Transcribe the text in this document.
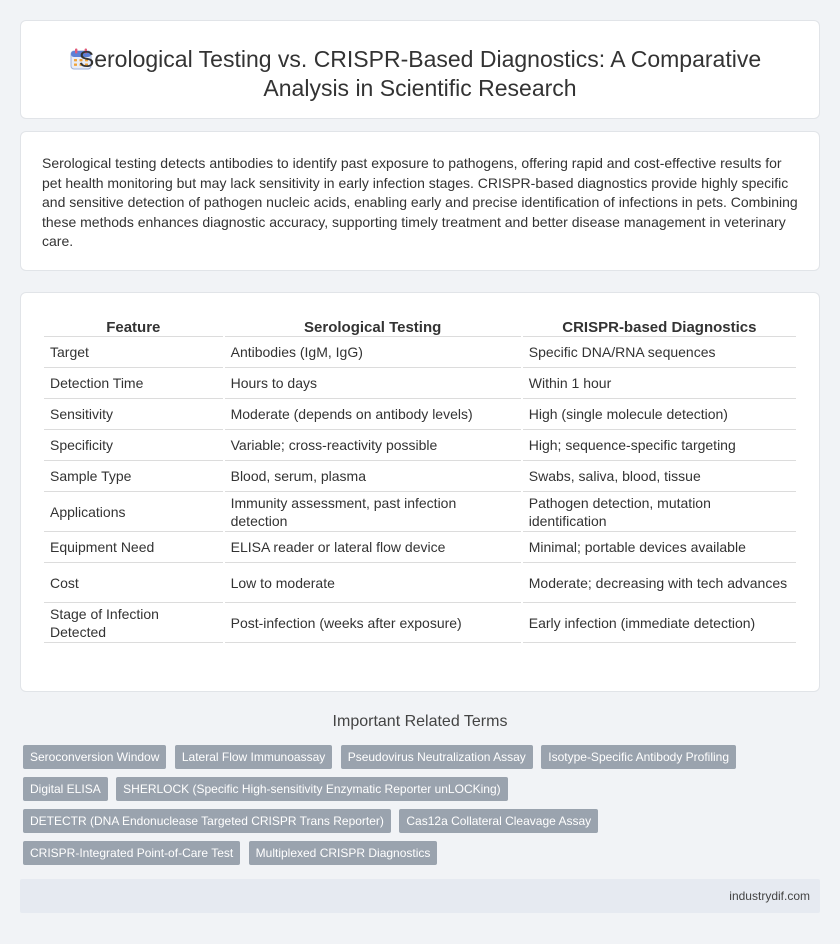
Serological Testing vs. CRISPR-Based Diagnostics: A Comparative Analysis in Scientific Research

Serological testing detects antibodies to identify past exposure to pathogens, offering rapid and cost-effective results for pet health monitoring but may lack sensitivity in early infection stages. CRISPR-based diagnostics provide highly specific and sensitive detection of pathogen nucleic acids, enabling early and precise identification of infections in pets. Combining these methods enhances diagnostic accuracy, supporting timely treatment and better disease management in veterinary care.

Feature	Serological Testing	CRISPR-based Diagnostics
Target	Antibodies (IgM, IgG)	Specific DNA/RNA sequences
Detection Time	Hours to days	Within 1 hour
Sensitivity	Moderate (depends on antibody levels)	High (single molecule detection)
Specificity	Variable; cross-reactivity possible	High; sequence-specific targeting
Sample Type	Blood, serum, plasma	Swabs, saliva, blood, tissue
Applications	Immunity assessment, past infection detection	Pathogen detection, mutation identification
Equipment Need	ELISA reader or lateral flow device	Minimal; portable devices available
Cost	Low to moderate	Moderate; decreasing with tech advances
Stage of Infection Detected	Post-infection (weeks after exposure)	Early infection (immediate detection)
Important Related Terms
Seroconversion Window Lateral Flow Immunoassay Pseudovirus Neutralization Assay Isotype-Specific Antibody Profiling Digital ELISA SHERLOCK (Specific High-sensitivity Enzymatic Reporter unLOCKing) DETECTR (DNA Endonuclease Targeted CRISPR Trans Reporter) Cas12a Collateral Cleavage Assay CRISPR-Integrated Point-of-Care Test Multiplexed CRISPR Diagnostics
industrydif.com
